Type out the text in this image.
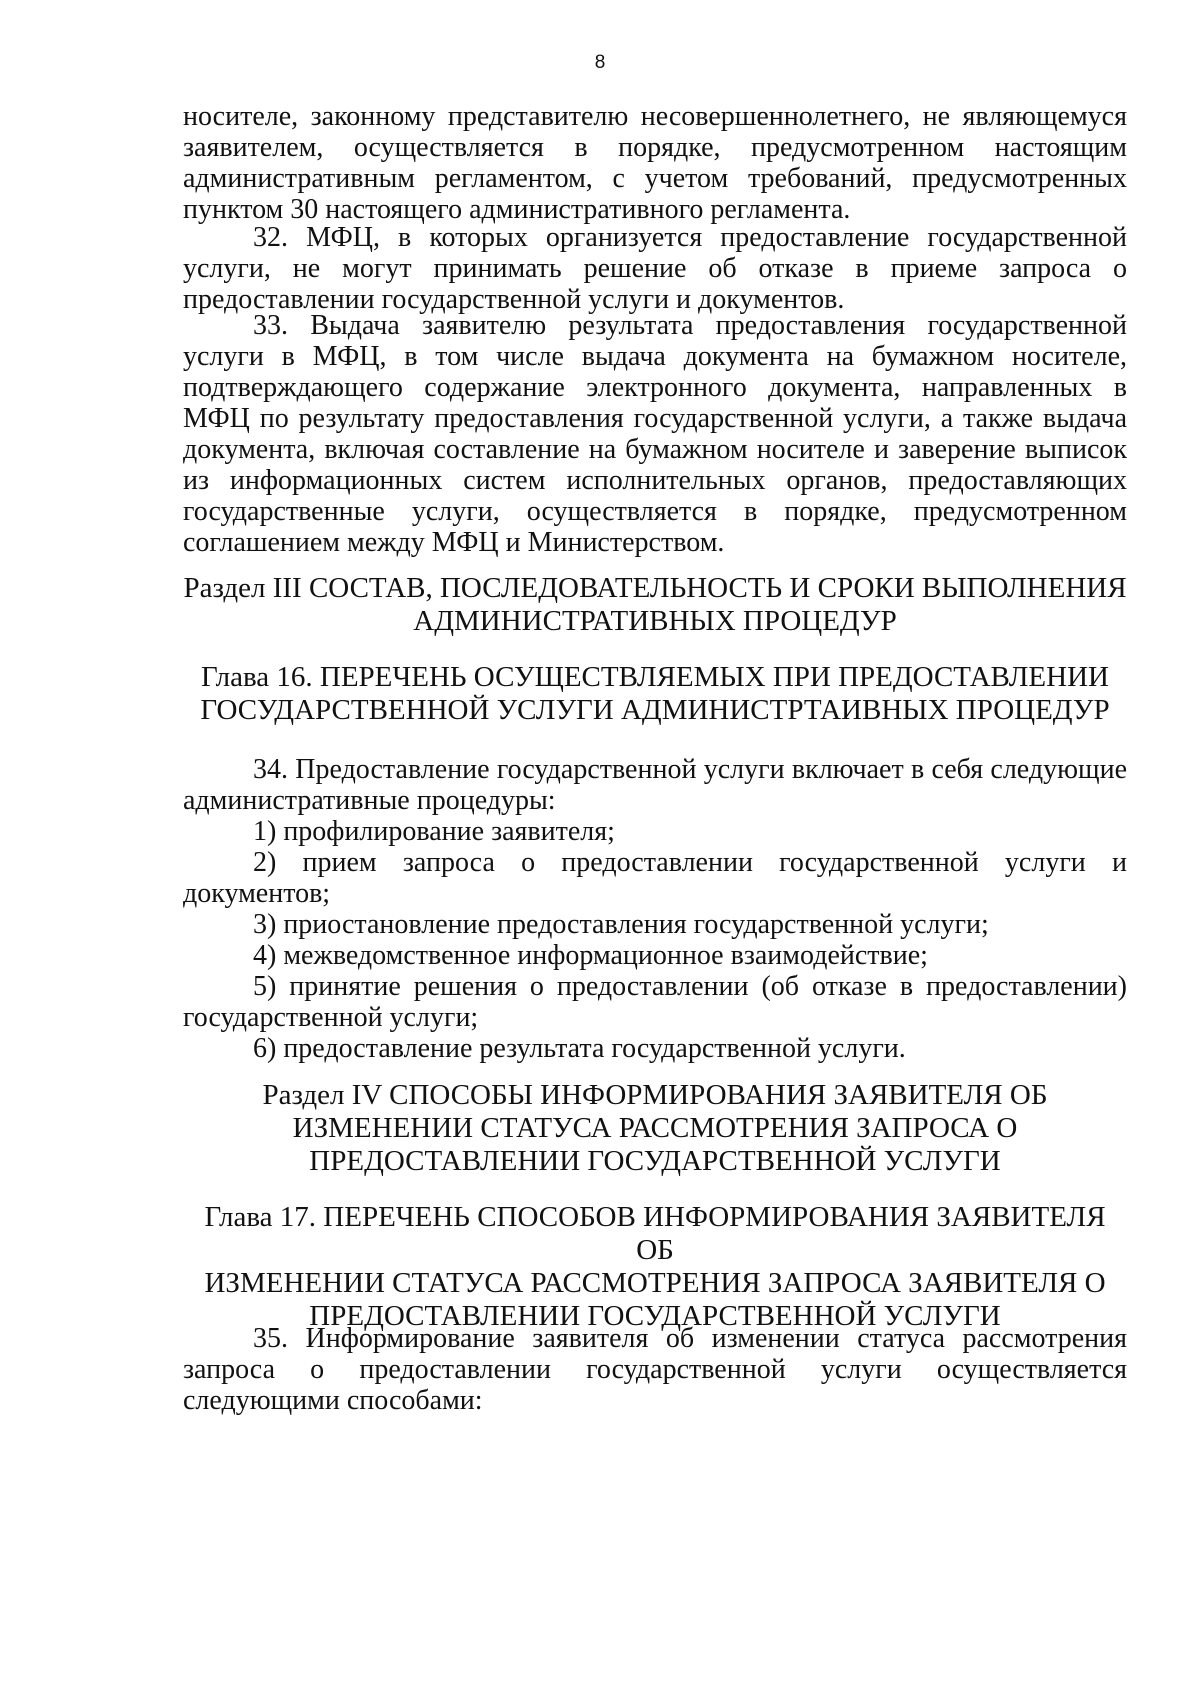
8
носителе, законному представителю несовершеннолетнего, не являющемуся
заявителем, осуществляется в порядке, предусмотренном настоящим
административным регламентом, с учетом требований, предусмотренных
пунктом 30 настоящего административного регламента.
32. МФЦ, в которых организуется предоставление государственной
услуги, не могут принимать решение об отказе в приеме запроса о
предоставлении государственной услуги и документов.
33. Выдача заявителю результата предоставления государственной
услуги в МФЦ, в том числе выдача документа на бумажном носителе,
подтверждающего содержание электронного документа, направленных в
МФЦ по результату предоставления государственной услуги, а также выдача
документа, включая составление на бумажном носителе и заверение выписок
из информационных систем исполнительных органов, предоставляющих
государственные услуги, осуществляется в порядке, предусмотренном
соглашением между МФЦ и Министерством.
Раздел III СОСТАВ, ПОСЛЕДОВАТЕЛЬНОСТЬ И СРОКИ ВЫПОЛНЕНИЯ
АДМИНИСТРАТИВНЫХ ПРОЦЕДУР
Глава 16. ПЕРЕЧЕНЬ ОСУЩЕСТВЛЯЕМЫХ ПРИ ПРЕДОСТАВЛЕНИИ
ГОСУДАРСТВЕННОЙ УСЛУГИ АДМИНИСТРТАИВНЫХ ПРОЦЕДУР
34. Предоставление государственной услуги включает в себя следующие
административные процедуры:
1) профилирование заявителя;
2) прием запроса о предоставлении государственной услуги и
документов;
3) приостановление предоставления государственной услуги;
4) межведомственное информационное взаимодействие;
5) принятие решения о предоставлении (об отказе в предоставлении)
государственной услуги;
6) предоставление результата государственной услуги.
Раздел IV СПОСОБЫ ИНФОРМИРОВАНИЯ ЗАЯВИТЕЛЯ ОБ
ИЗМЕНЕНИИ СТАТУСА РАССМОТРЕНИЯ ЗАПРОСА О
ПРЕДОСТАВЛЕНИИ ГОСУДАРСТВЕННОЙ УСЛУГИ
Глава 17. ПЕРЕЧЕНЬ СПОСОБОВ ИНФОРМИРОВАНИЯ ЗАЯВИТЕЛЯ ОБ
ИЗМЕНЕНИИ СТАТУСА РАССМОТРЕНИЯ ЗАПРОСА ЗАЯВИТЕЛЯ О
ПРЕДОСТАВЛЕНИИ ГОСУДАРСТВЕННОЙ УСЛУГИ
35. Информирование заявителя об изменении статуса рассмотрения
запроса о предоставлении государственной услуги осуществляется
следующими способами:
